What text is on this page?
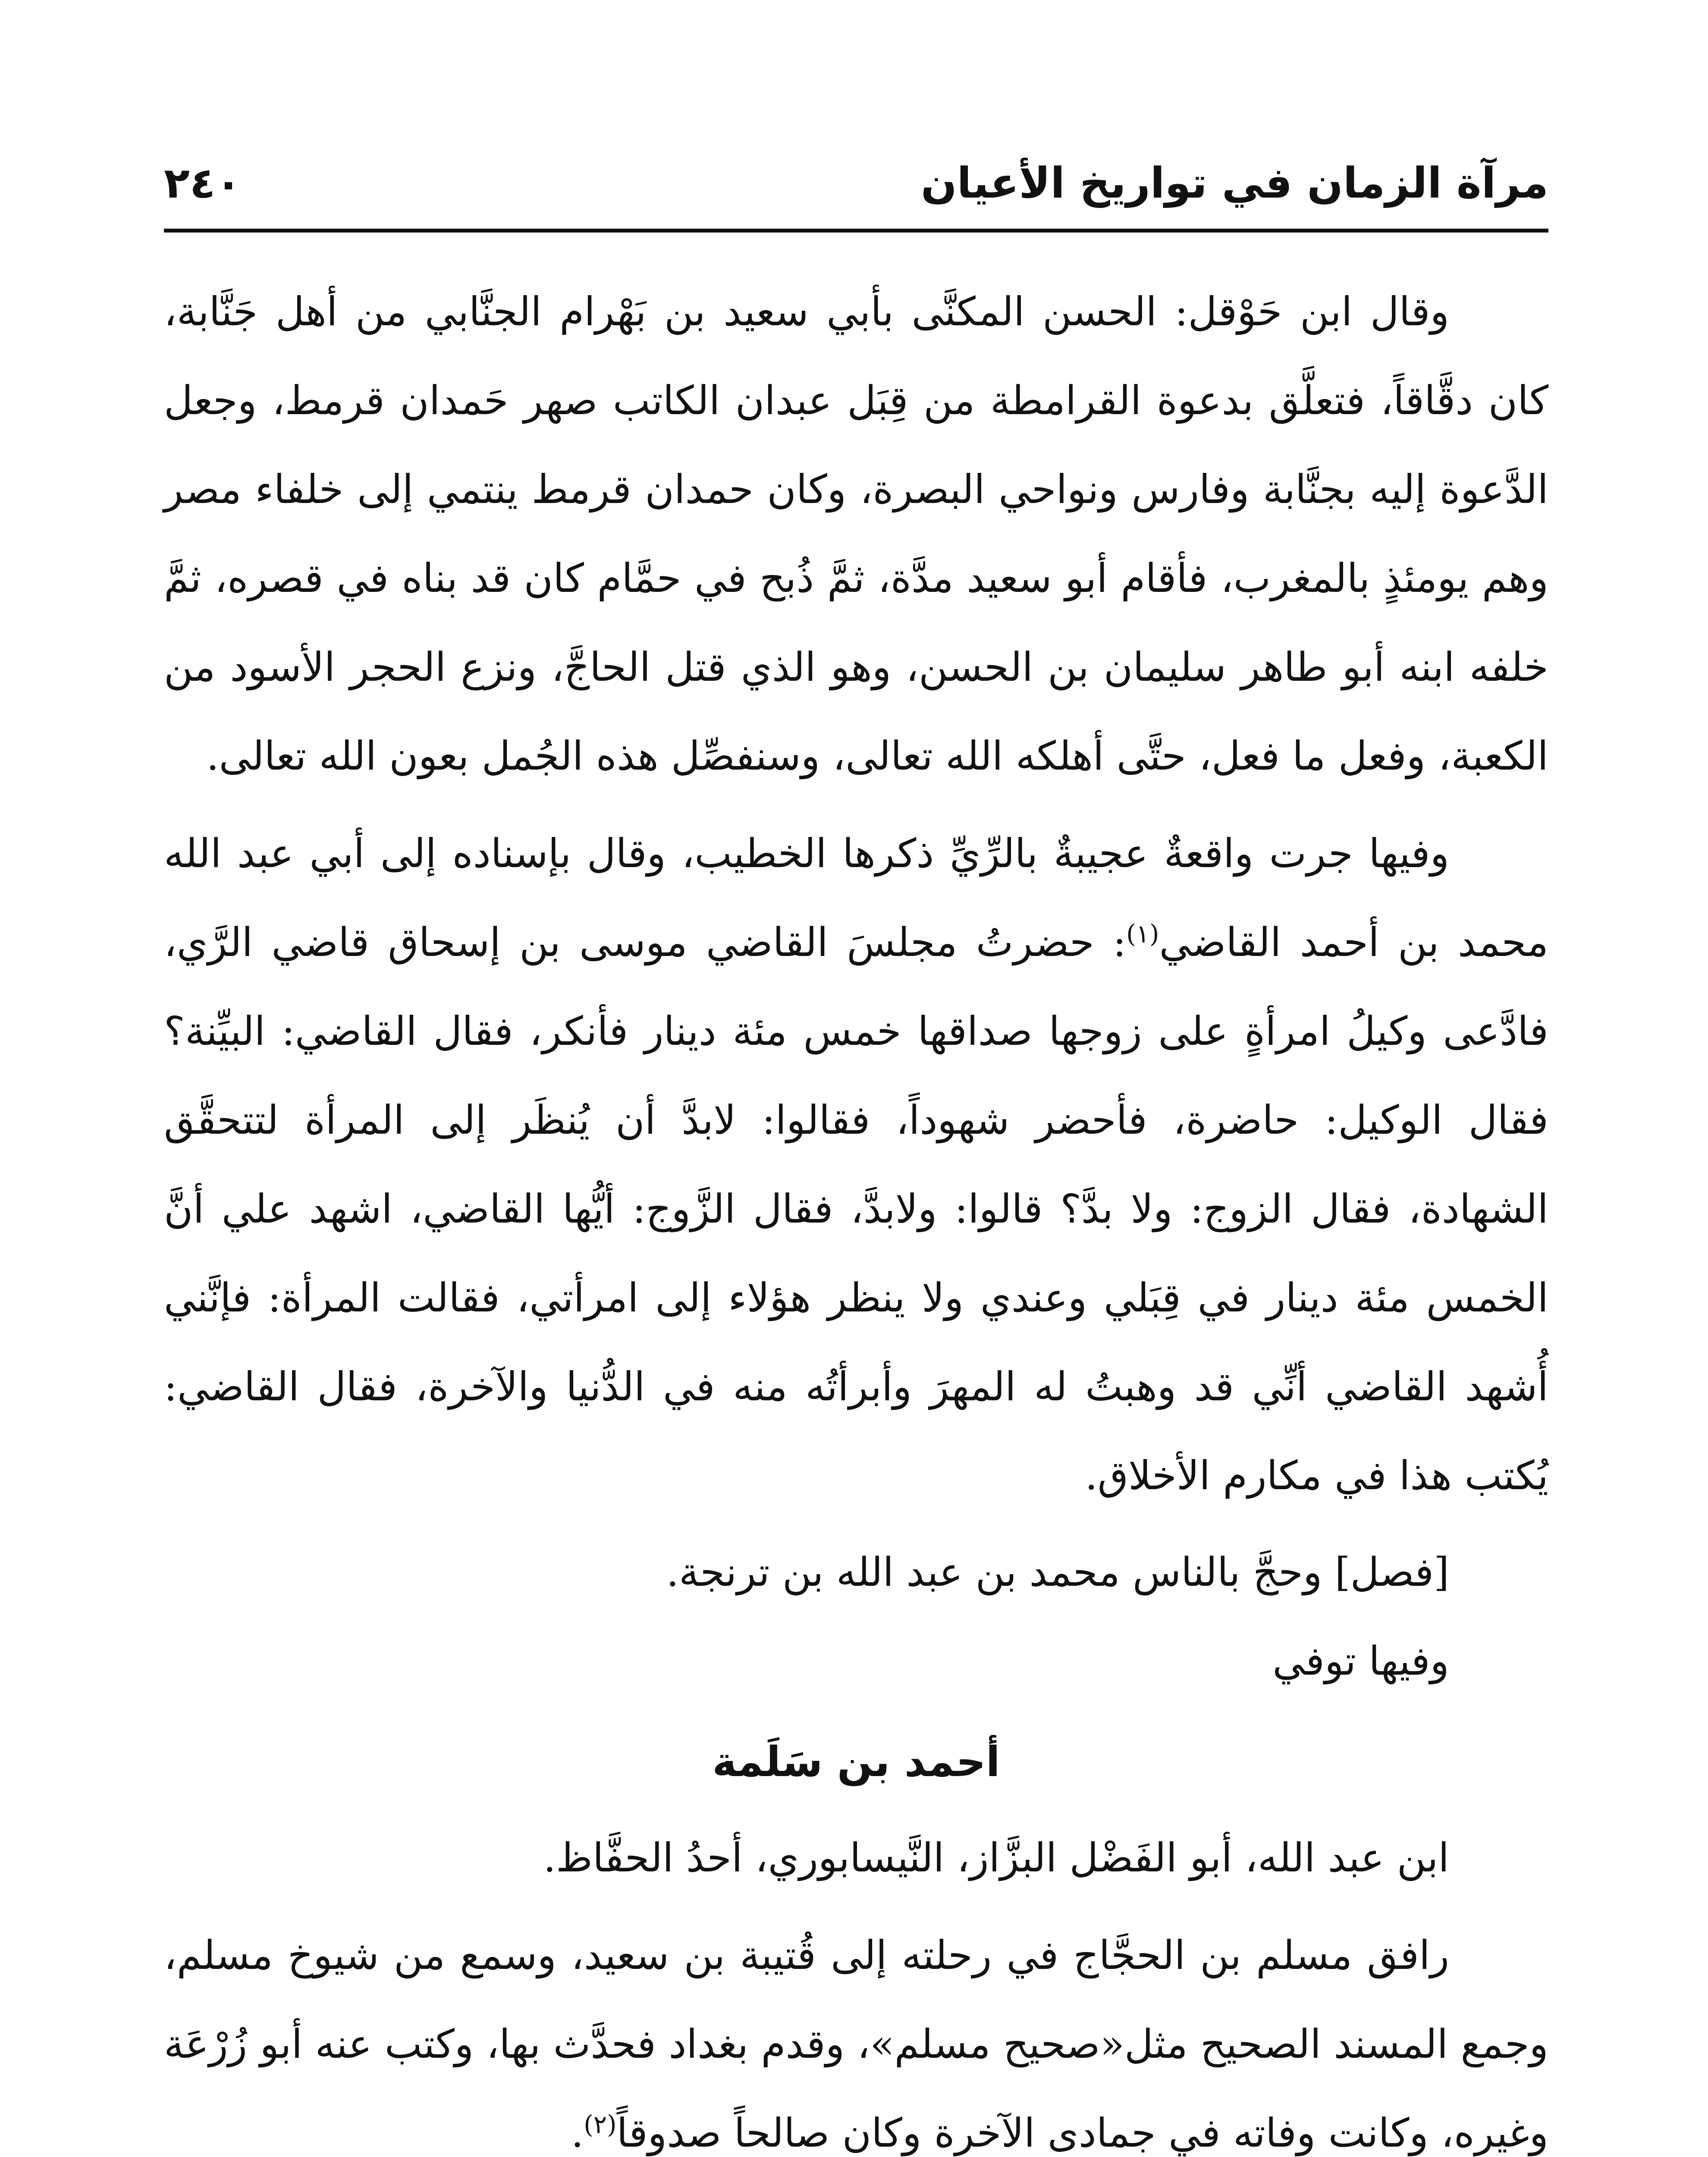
مرآة الزمان في تواريخ الأعيان
٢٤٠

وقال ابن حَوْقل: الحسن المكنَّى بأبي سعيد بن بَهْرام الجنَّابي من أهل جَنَّابة، كان دقَّاقاً، فتعلَّق بدعوة القرامطة من قِبَل عبدان الكاتب صهر حَمدان قرمط، وجعل الدَّعوة إليه بجنَّابة وفارس ونواحي البصرة، وكان حمدان قرمط ينتمي إلى خلفاء مصر وهم يومئذٍ بالمغرب، فأقام أبو سعيد مدَّة، ثمَّ ذُبح في حمَّام كان قد بناه في قصره، ثمَّ خلفه ابنه أبو طاهر سليمان بن الحسن، وهو الذي قتل الحاجَّ، ونزع الحجر الأسود من الكعبة، وفعل ما فعل، حتَّى أهلكه الله تعالى، وسنفصِّل هذه الجُمل بعون الله تعالى.

وفيها جرت واقعةٌ عجيبةٌ بالرِّيِّ ذكرها الخطيب، وقال بإسناده إلى أبي عبد الله محمد بن أحمد القاضي$^{(١)}$: حضرتُ مجلسَ القاضي موسى بن إسحاق قاضي الرَّي، فادَّعى وكيلُ امرأةٍ على زوجها صداقها خمس مئة دينار فأنكر، فقال القاضي: البيِّنة؟ فقال الوكيل: حاضرة، فأحضر شهوداً، فقالوا: لابدَّ أن يُنظَر إلى المرأة لتتحقَّق الشهادة، فقال الزوج: ولا بدَّ؟ قالوا: ولابدَّ، فقال الزَّوج: أيُّها القاضي، اشهد علي أنَّ الخمس مئة دينار في قِبَلي وعندي ولا ينظر هؤلاء إلى امرأتي، فقالت المرأة: فإنَّني أُشهد القاضي أنِّي قد وهبتُ له المهرَ وأبرأتُه منه في الدُّنيا والآخرة، فقال القاضي: يُكتب هذا في مكارم الأخلاق.

[فصل] وحجَّ بالناس محمد بن عبد الله بن ترنجة.

وفيها توفي

أحمد بن سَلَمة

ابن عبد الله، أبو الفَضْل البزَّاز، النَّيسابوري، أحدُ الحفَّاظ.

رافق مسلم بن الحجَّاج في رحلته إلى قُتيبة بن سعيد، وسمع من شيوخ مسلم، وجمع المسند الصحيح مثل«صحيح مسلم»، وقدم بغداد فحدَّث بها، وكتب عنه أبو زُرْعَة وغيره، وكانت وفاته في جمادى الآخرة وكان صالحاً صدوقاً$^{(٢)}$.
